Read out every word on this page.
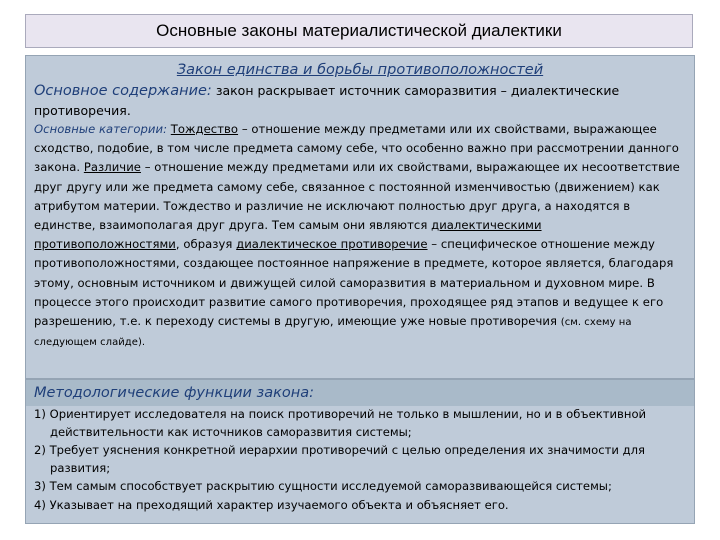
Основные законы материалистической диалектики
Закон единства и борьбы противоположностей

Основное содержание: закон раскрывает источник саморазвития – диалектические противоречия.

Основные категории: Тождество – отношение между предметами или их свойствами, выражающее сходство, подобие, в том числе предмета самому себе, что особенно важно при рассмотрении данного закона. Различие – отношение между предметами или их свойствами, выражающее их несоответствие друг другу или же предмета самому себе, связанное с постоянной изменчивостью (движением) как атрибутом материи. Тождество и различие не исключают полностью друг друга, а находятся в единстве, взаимополагая друг друга. Тем самым они являются диалектическими противоположностями, образуя диалектическое противоречие – специфическое отношение между противоположностями, создающее постоянное напряжение в предмете, которое является, благодаря этому, основным источником и движущей силой саморазвития в материальном и духовном мире. В процессе этого происходит развитие самого противоречия, проходящее ряд этапов и ведущее к его разрешению, т.е. к переходу системы в другую, имеющие уже новые противоречия (см. схему на следующем слайде).

Методологические функции закона:
1) Ориентирует исследователя на поиск противоречий не только в мышлении, но и в объективной действительности как источников саморазвития системы;
2) Требует уяснения конкретной иерархии противоречий с целью определения их значимости для развития;
3) Тем самым способствует раскрытию сущности исследуемой саморазвивающейся системы;
4) Указывает на преходящий характер изучаемого объекта и объясняет его.
